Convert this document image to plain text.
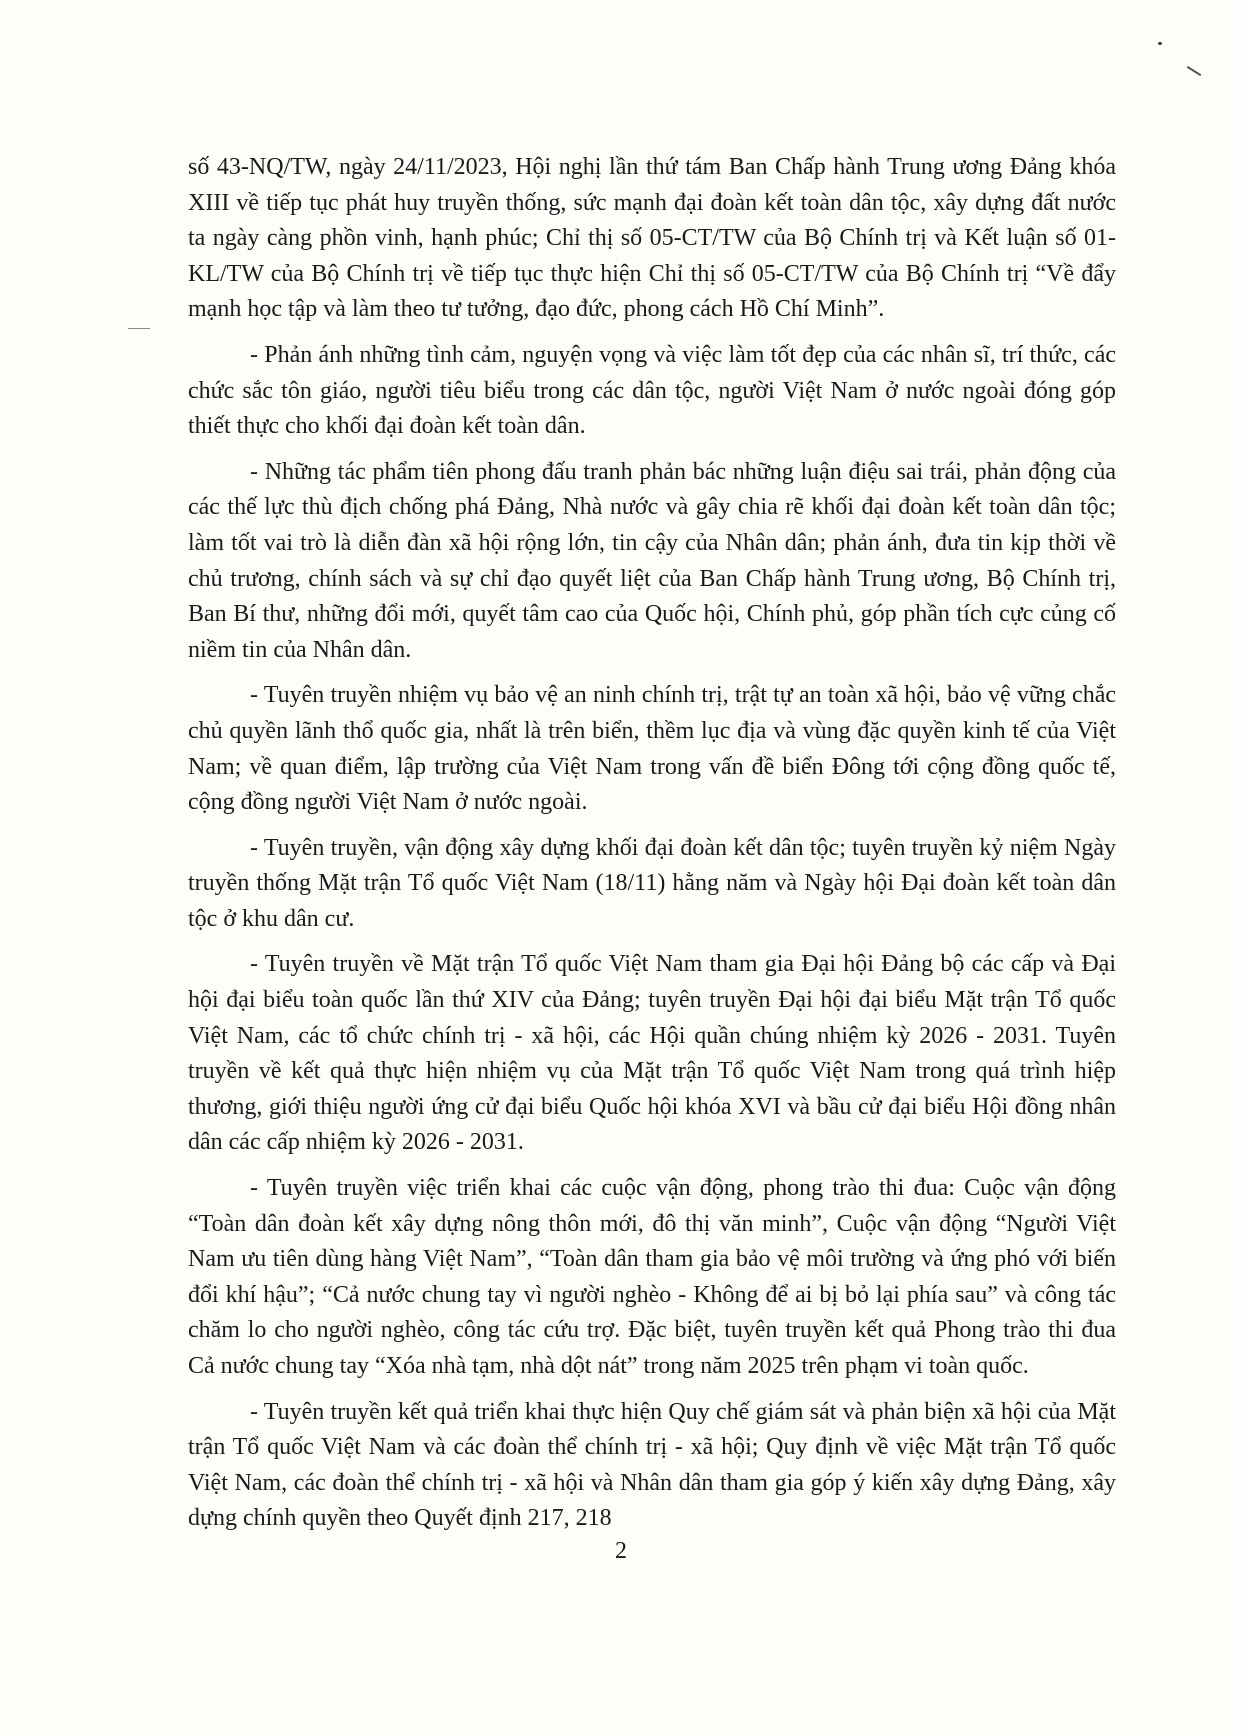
số 43-NQ/TW, ngày 24/11/2023, Hội nghị lần thứ tám Ban Chấp hành Trung ương Đảng khóa XIII về tiếp tục phát huy truyền thống, sức mạnh đại đoàn kết toàn dân tộc, xây dựng đất nước ta ngày càng phồn vinh, hạnh phúc; Chỉ thị số 05-CT/TW của Bộ Chính trị và Kết luận số 01-KL/TW của Bộ Chính trị về tiếp tục thực hiện Chỉ thị số 05-CT/TW của Bộ Chính trị “Về đẩy mạnh học tập và làm theo tư tưởng, đạo đức, phong cách Hồ Chí Minh”.

- Phản ánh những tình cảm, nguyện vọng và việc làm tốt đẹp của các nhân sĩ, trí thức, các chức sắc tôn giáo, người tiêu biểu trong các dân tộc, người Việt Nam ở nước ngoài đóng góp thiết thực cho khối đại đoàn kết toàn dân.

- Những tác phẩm tiên phong đấu tranh phản bác những luận điệu sai trái, phản động của các thế lực thù địch chống phá Đảng, Nhà nước và gây chia rẽ khối đại đoàn kết toàn dân tộc; làm tốt vai trò là diễn đàn xã hội rộng lớn, tin cậy của Nhân dân; phản ánh, đưa tin kịp thời về chủ trương, chính sách và sự chỉ đạo quyết liệt của Ban Chấp hành Trung ương, Bộ Chính trị, Ban Bí thư, những đổi mới, quyết tâm cao của Quốc hội, Chính phủ, góp phần tích cực củng cố niềm tin của Nhân dân.

- Tuyên truyền nhiệm vụ bảo vệ an ninh chính trị, trật tự an toàn xã hội, bảo vệ vững chắc chủ quyền lãnh thổ quốc gia, nhất là trên biển, thềm lục địa và vùng đặc quyền kinh tế của Việt Nam; về quan điểm, lập trường của Việt Nam trong vấn đề biển Đông tới cộng đồng quốc tế, cộng đồng người Việt Nam ở nước ngoài.

- Tuyên truyền, vận động xây dựng khối đại đoàn kết dân tộc; tuyên truyền kỷ niệm Ngày truyền thống Mặt trận Tổ quốc Việt Nam (18/11) hằng năm và Ngày hội Đại đoàn kết toàn dân tộc ở khu dân cư.

- Tuyên truyền về Mặt trận Tổ quốc Việt Nam tham gia Đại hội Đảng bộ các cấp và Đại hội đại biểu toàn quốc lần thứ XIV của Đảng; tuyên truyền Đại hội đại biểu Mặt trận Tổ quốc Việt Nam, các tổ chức chính trị - xã hội, các Hội quần chúng nhiệm kỳ 2026 - 2031. Tuyên truyền về kết quả thực hiện nhiệm vụ của Mặt trận Tổ quốc Việt Nam trong quá trình hiệp thương, giới thiệu người ứng cử đại biểu Quốc hội khóa XVI và bầu cử đại biểu Hội đồng nhân dân các cấp nhiệm kỳ 2026 - 2031.

- Tuyên truyền việc triển khai các cuộc vận động, phong trào thi đua: Cuộc vận động “Toàn dân đoàn kết xây dựng nông thôn mới, đô thị văn minh”, Cuộc vận động “Người Việt Nam ưu tiên dùng hàng Việt Nam”, “Toàn dân tham gia bảo vệ môi trường và ứng phó với biến đổi khí hậu”; “Cả nước chung tay vì người nghèo - Không để ai bị bỏ lại phía sau” và công tác chăm lo cho người nghèo, công tác cứu trợ. Đặc biệt, tuyên truyền kết quả Phong trào thi đua Cả nước chung tay “Xóa nhà tạm, nhà dột nát” trong năm 2025 trên phạm vi toàn quốc.

- Tuyên truyền kết quả triển khai thực hiện Quy chế giám sát và phản biện xã hội của Mặt trận Tổ quốc Việt Nam và các đoàn thể chính trị - xã hội; Quy định về việc Mặt trận Tổ quốc Việt Nam, các đoàn thể chính trị - xã hội và Nhân dân tham gia góp ý kiến xây dựng Đảng, xây dựng chính quyền theo Quyết định 217, 218

2
